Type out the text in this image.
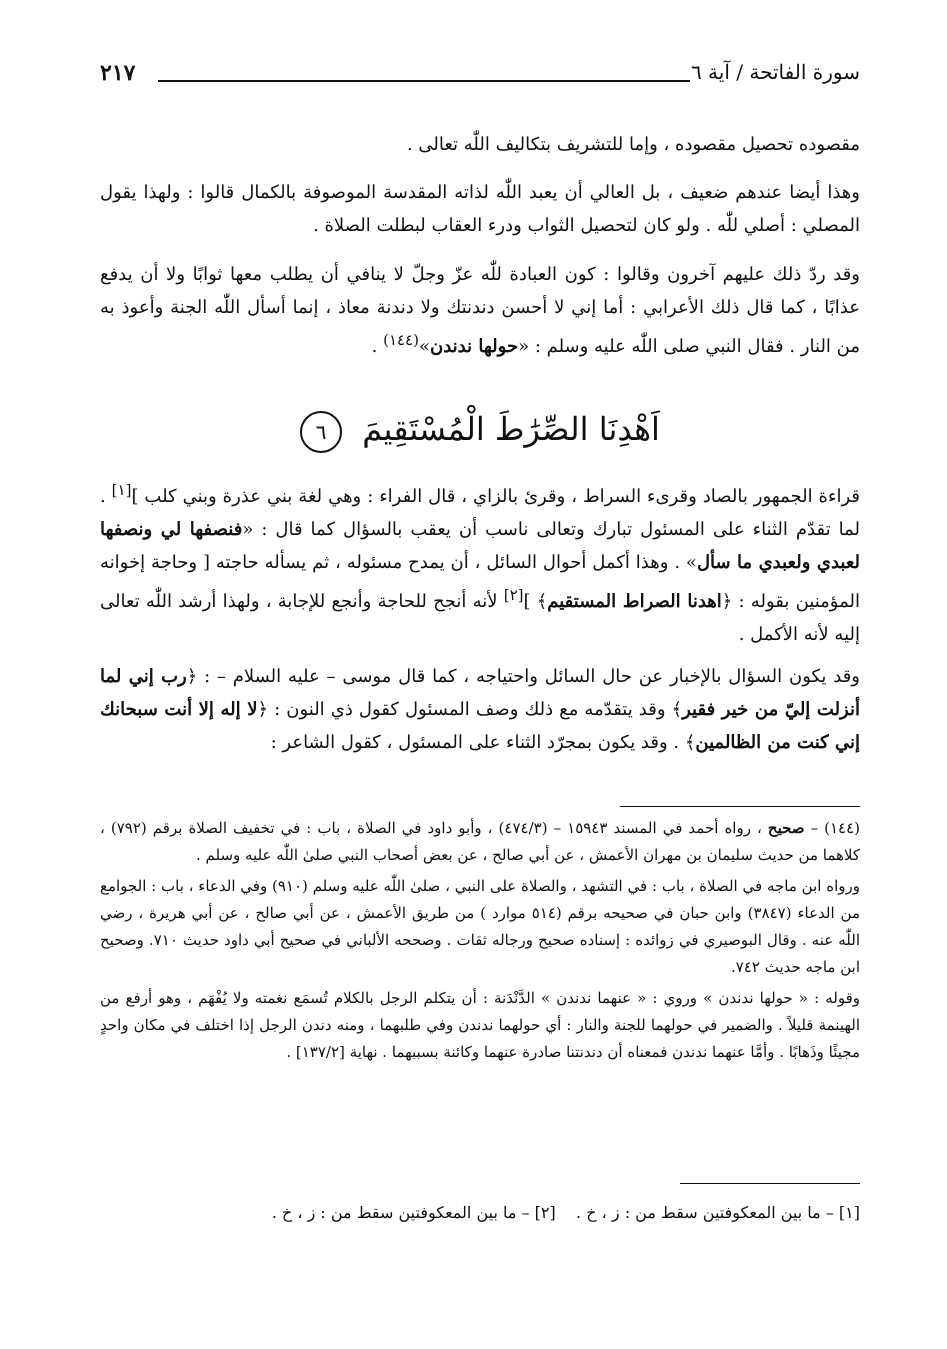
٢١٧	سورة الفاتحة / آية ٦

مقصوده تحصيل مقصوده ، وإما للتشريف بتكاليف اللّٰه تعالى .

وهذا أيضا عندهم ضعيف ، بل العالي أن يعبد اللّٰه لذاته المقدسة الموصوفة بالكمال قالوا : ولهذا يقول المصلي : أصلي للّٰه . ولو كان لتحصيل الثواب ودرء العقاب لبطلت الصلاة .

وقد ردّ ذلك عليهم آخرون وقالوا : كون العبادة للّٰه عزّ وجلّ لا ينافي أن يطلب معها ثوابًا ولا أن يدفع عذابًا ، كما قال ذلك الأعرابي : أما إني لا أحسن دندنتك ولا دندنة معاذ ، إنما أسأل اللّٰه الجنة وأعوذ به من النار . فقال النبي صلى اللّٰه عليه وسلم : «حولها ندندن»$^{(١٤٤)}$ .

اَهْدِنَا الصِّرَٰطَ الْمُسْتَقِيمَ ٦

قراءة الجمهور بالصاد وقرىء السراط ، وقرئ بالزاي ، قال الفراء : وهي لغة بني عذرة وبني كلب ][١] . لما تقدّم الثناء على المسئول تبارك وتعالى ناسب أن يعقب بالسؤال كما قال : «فنصفها لي ونصفها لعبدي ولعبدي ما سأل» . وهذا أكمل أحوال السائل ، أن يمدح مسئوله ، ثم يسأله حاجته [ وحاجة إخوانه المؤمنين بقوله : ﴿اهدنا الصراط المستقيم﴾ ][٢] لأنه أنجح للحاجة وأنجع للإجابة ، ولهذا أرشد اللّٰه تعالى إليه لأنه الأكمل .

وقد يكون السؤال بالإخبار عن حال السائل واحتياجه ، كما قال موسى – عليه السلام – : ﴿رب إني لما أنزلت إليّ من خير فقير﴾ وقد يتقدّمه مع ذلك وصف المسئول كقول ذي النون : ﴿لا إله إلا أنت سبحانك إني كنت من الظالمين﴾ . وقد يكون بمجرّد الثناء على المسئول ، كقول الشاعر :

(١٤٤) – صحيح ، رواه أحمد في المسند ١٥٩٤٣ – (٤٧٤/٣) ، وأبو داود في الصلاة ، باب : في تخفيف الصلاة برقم (٧٩٢) ، كلاهما من حديث سليمان بن مهران الأعمش ، عن أبي صالح ، عن بعض أصحاب النبي صلىٰ اللّٰه عليه وسلم .

ورواه ابن ماجه في الصلاة ، باب : في التشهد ، والصلاة على النبي ، صلىٰ اللّٰه عليه وسلم (٩١٠) وفي الدعاء ، باب : الجوامع من الدعاء (٣٨٤٧) وابن حبان في صحيحه برقم (٥١٤ موارد ) من طريق الأعمش ، عن أبي صالح ، عن أبي هريرة ، رضي اللّٰه عنه . وقال البوصيري في زوائده : إسناده صحيح ورجاله ثقات . وصححه الألباني في صحيح أبي داود حديث ٧١٠. وصحيح ابن ماجه حديث ٧٤٢.

وقوله : « حولها ندندن » وروي : « عنهما ندندن » الدَّنْدَنة : أن يتكلم الرجل بالكلام تُسمَع نغمته ولا يُفْهَم ، وهو أرفع من الهينمة قليلاً . والضمير في حولهما للجنة والنار : أي حولهما ندندن وفي طلبهما ، ومنه دندن الرجل إذا اختلف في مكان واحدٍ مجيئًا وذَهابًا . وأمَّا عنهما ندندن فمعناه أن دندنتنا صادرة عنهما وكائنة بسببهما . نهاية [١٣٧/٢] .

[١] – ما بين المعكوفتين سقط من : ز ، خ .    [٢] – ما بين المعكوفتين سقط من : ز ، خ .
